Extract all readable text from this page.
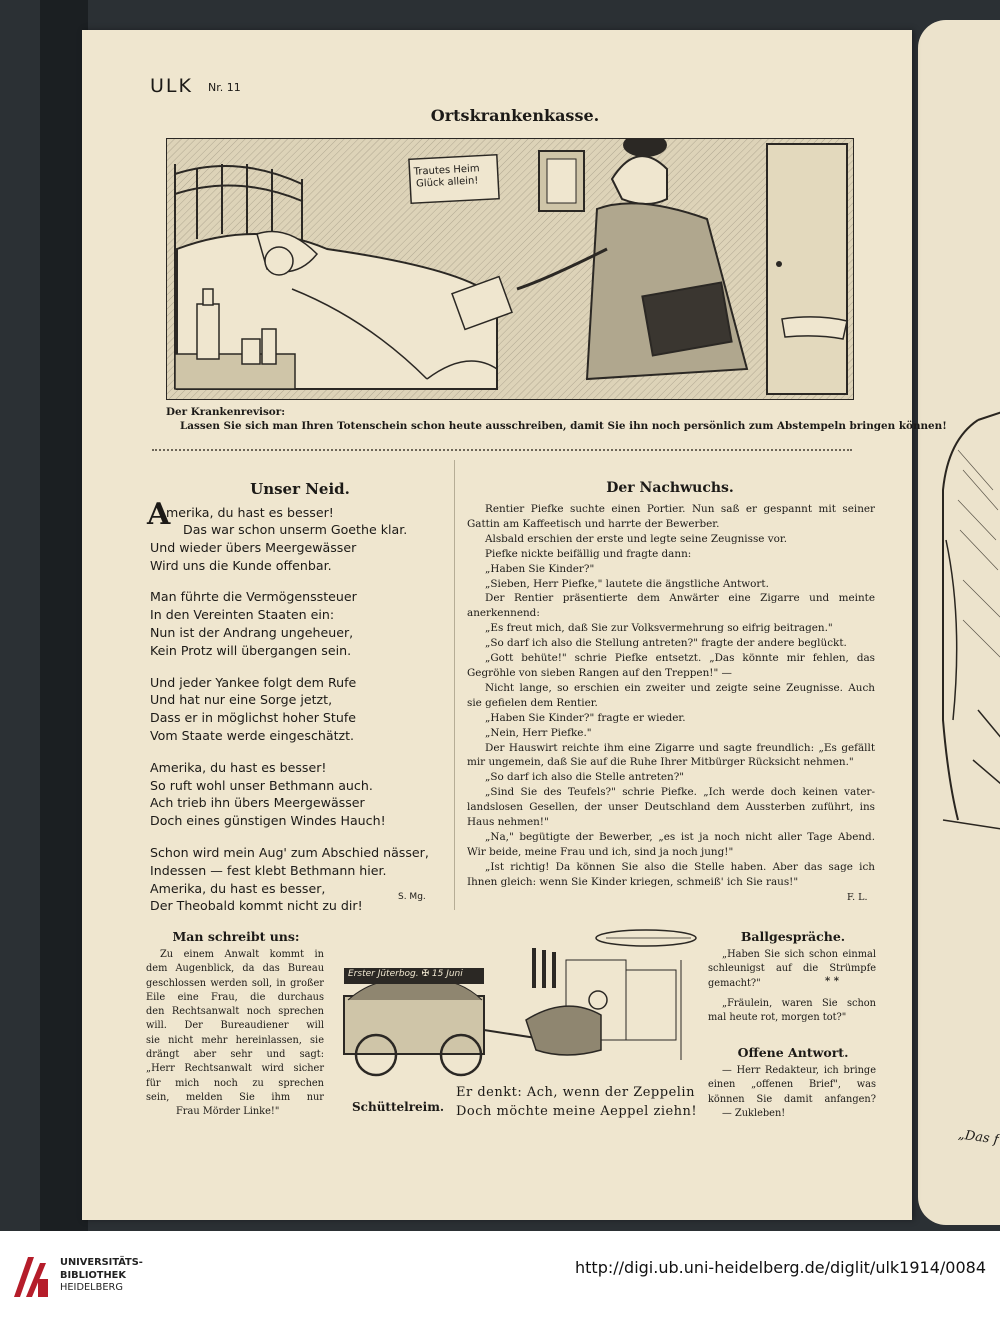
„Das f
ULK Nr. 11
Ortskrankenkasse.
Trautes Heim Glück allein!
Der Krankenrevisor:
Lassen Sie sich man Ihren Totenschein schon heute ausschreiben, damit Sie ihn noch persönlich zum Abstempeln bringen können!
Unser Neid.
A
merika, du hast es besser!
Das war schon unserm Goethe klar.
Und wieder übers Meergewässer
Wird uns die Kunde offenbar.
Man führte die Vermögenssteuer
In den Vereinten Staaten ein:
Nun ist der Andrang ungeheuer,
Kein Protz will übergangen sein.
Und jeder Yankee folgt dem Rufe
Und hat nur eine Sorge jetzt,
Dass er in möglichst hoher Stufe
Vom Staate werde eingeschätzt.
Amerika, du hast es besser!
So ruft wohl unser Bethmann auch.
Ach trieb ihn übers Meergewässer
Doch eines günstigen Windes Hauch!
Schon wird mein Aug' zum Abschied nässer,
Indessen — fest klebt Bethmann hier.
Amerika, du hast es besser,
Der Theobald kommt nicht zu dir!
S. Mg.
Der Nachwuchs.
Rentier Piefke suchte einen Portier. Nun saß er gespannt mit seiner
Gattin am Kaffeetisch und harrte der Bewerber.
Alsbald erschien der erste und legte seine Zeugnisse vor.
Piefke nickte beifällig und fragte dann:
„Haben Sie Kinder?"
„Sieben, Herr Piefke," lautete die ängstliche Antwort.
Der Rentier präsentierte dem Anwärter eine Zigarre und meinte
anerkennend:
„Es freut mich, daß Sie zur Volksvermehrung so eifrig beitragen."
„So darf ich also die Stellung antreten?" fragte der andere beglückt.
„Gott behüte!" schrie Piefke entsetzt. „Das könnte mir fehlen, das
Gegröhle von sieben Rangen auf den Treppen!" —
Nicht lange, so erschien ein zweiter und zeigte seine Zeugnisse. Auch
sie gefielen dem Rentier.
„Haben Sie Kinder?" fragte er wieder.
„Nein, Herr Piefke."
Der Hauswirt reichte ihm eine Zigarre und sagte freundlich: „Es gefällt
mir ungemein, daß Sie auf die Ruhe Ihrer Mitbürger Rücksicht nehmen."
„So darf ich also die Stelle antreten?"
„Sind Sie des Teufels?" schrie Piefke. „Ich werde doch keinen vater-
landslosen Gesellen, der unser Deutschland dem Aussterben zuführt, ins
Haus nehmen!"
„Na," begütigte der Bewerber, „es ist ja noch nicht aller Tage Abend.
Wir beide, meine Frau und ich, sind ja noch jung!"
„Ist richtig! Da können Sie also die Stelle haben. Aber das sage ich
Ihnen gleich: wenn Sie Kinder kriegen, schmeiß' ich Sie raus!"
F. L.
Man schreibt uns:
Zu einem Anwalt kommt in
dem Augenblick, da das Bureau
geschlossen werden soll, in großer
Eile eine Frau, die durchaus
den Rechtsanwalt noch sprechen
will. Der Bureaudiener will
sie nicht mehr hereinlassen, sie
drängt aber sehr und sagt:
„Herr Rechtsanwalt wird sicher
für mich noch zu sprechen
sein, melden Sie ihm nur
Frau Mörder Linke!"
Erster Jüterbog. ✠ 15 Juni
Schüttelreim.
Er denkt: Ach, wenn der Zeppelin
Doch möchte meine Aeppel ziehn!
Ballgespräche.
„Haben Sie sich schon einmal
schleunigst auf die Strümpfe
gemacht?"	* *
„Fräulein, waren Sie schon
mal heute rot, morgen tot?"
Offene Antwort.
— Herr Redakteur, ich bringe
einen „offenen Brief", was
können Sie damit anfangen?
— Zukleben!
UNIVERSITÄTS-
BIBLIOTHEK
HEIDELBERG
http://digi.ub.uni-heidelberg.de/diglit/ulk1914/0084
